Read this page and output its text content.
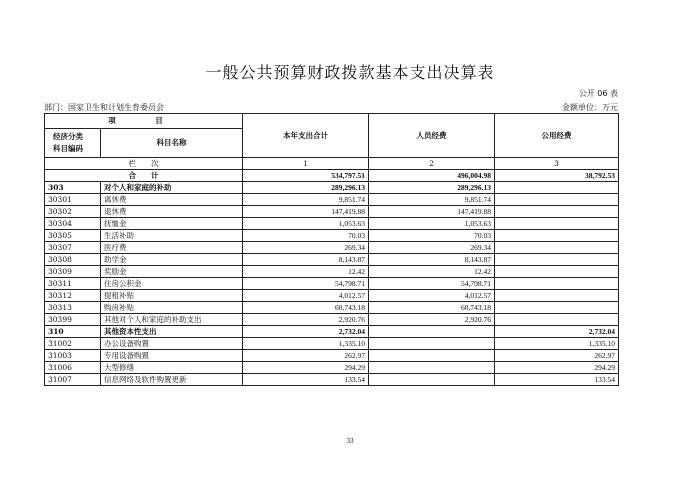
一般公共预算财政拨款基本支出决算表
公开 06 表
部门：国家卫生和计划生育委员会	金额单位：万元
项　目		本年支出合计	人员经费	公用经费
经济分类
科目编码	科目名称			
栏　　次		1	2	3
合　　计		534,797.51	496,004.98	38,792.53
303	对个人和家庭的补助	289,296.13	289,296.13	
30301	离休费	9,851.74	9,851.74	
30302	退休费	147,419.88	147,419.88	
30304	抚恤金	1,053.63	1,053.63	
30305	生活补助	70.03	70.03	
30307	医疗费	269.34	269.34	
30308	助学金	8,143.87	8,143.87	
30309	奖励金	12.42	12.42	
30311	住房公积金	54,798.71	54,798.71	
30312	提租补贴	4,012.57	4,012.57	
30313	购房补贴	60,743.18	60,743.18	
30399	其他对个人和家庭的补助支出	2,920.76	2,920.76	
310	其他资本性支出	2,732.04		2,732.04
31002	办公设备购置	1,335.10		1,335.10
31003	专用设备购置	262.97		262.97
31006	大型修缮	294.29		294.29
31007	信息网络及软件购置更新	133.54		133.54
33
